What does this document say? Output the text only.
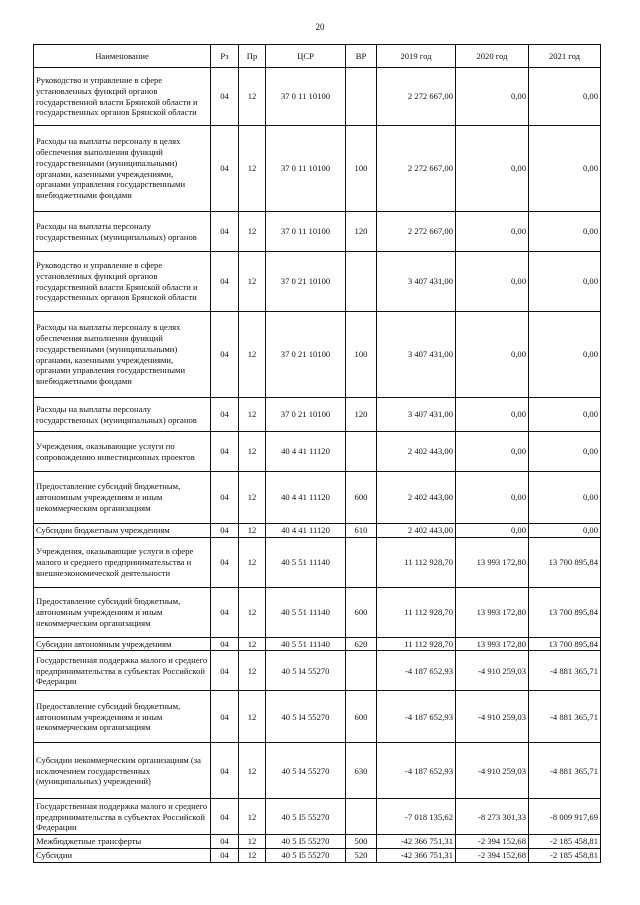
20
Наименование	Рз	Пр	ЦСР	ВР	2019 год	2020 год	2021 год
Руководство и управление в сфере установленных функций органов государственной власти Брянской области и государственных органов Брянской области	04	12	37 0 11 10100		2 272 667,00	0,00	0,00
Расходы на выплаты персоналу в целях обеспечения выполнения функций государственными (муниципальными) органами, казенными учреждениями, органами управления государственными внебюджетными фондами	04	12	37 0 11 10100	100	2 272 667,00	0,00	0,00
Расходы на выплаты персоналу государственных (муниципальных) органов	04	12	37 0 11 10100	120	2 272 667,00	0,00	0,00
Руководство и управление в сфере установленных функций органов государственной власти Брянской области и государственных органов Брянской области	04	12	37 0 21 10100		3 407 431,00	0,00	0,00
Расходы на выплаты персоналу в целях обеспечения выполнения функций государственными (муниципальными) органами, казенными учреждениями, органами управления государственными внебюджетными фондами	04	12	37 0 21 10100	100	3 407 431,00	0,00	0,00
Расходы на выплаты персоналу государственных (муниципальных) органов	04	12	37 0 21 10100	120	3 407 431,00	0,00	0,00
Учреждения, оказывающие услуги по сопровождению инвестиционных проектов	04	12	40 4 41 11120		2 402 443,00	0,00	0,00
Предоставление субсидий бюджетным, автономным учреждениям и иным некоммерческим организациям	04	12	40 4 41 11120	600	2 402 443,00	0,00	0,00
Субсидии бюджетным учреждениям	04	12	40 4 41 11120	610	2 402 443,00	0,00	0,00
Учреждения, оказывающие услуги в сфере малого и среднего предпринимательства и внешнеэкономической деятельности	04	12	40 5 51 11140		11 112 928,70	13 993 172,80	13 700 895,84
Предоставление субсидий бюджетным, автономным учреждениям и иным некоммерческим организациям	04	12	40 5 51 11140	600	11 112 928,70	13 993 172,80	13 700 895,84
Субсидии автономным учреждениям	04	12	40 5 51 11140	620	11 112 928,70	13 993 172,80	13 700 895,84
Государственная поддержка малого и среднего предпринимательства в субъектах Российской Федерации	04	12	40 5 I4 55270		-4 187 652,93	-4 910 259,03	-4 881 365,71
Предоставление субсидий бюджетным, автономным учреждениям и иным некоммерческим организациям	04	12	40 5 I4 55270	600	-4 187 652,93	-4 910 259,03	-4 881 365,71
Субсидии некоммерческим организациям (за исключением государственных (муниципальных) учреждений)	04	12	40 5 I4 55270	630	-4 187 652,93	-4 910 259,03	-4 881 365,71
Государственная поддержка малого и среднего предпринимательства в субъектах Российской Федерации	04	12	40 5 I5 55270		-7 018 135,62	-8 273 301,33	-8 009 917,69
Межбюджетные трансферты	04	12	40 5 I5 55270	500	-42 366 751,31	-2 394 152,68	-2 185 458,81
Субсидии	04	12	40 5 I5 55270	520	-42 366 751,31	-2 394 152,68	-2 185 458,81
